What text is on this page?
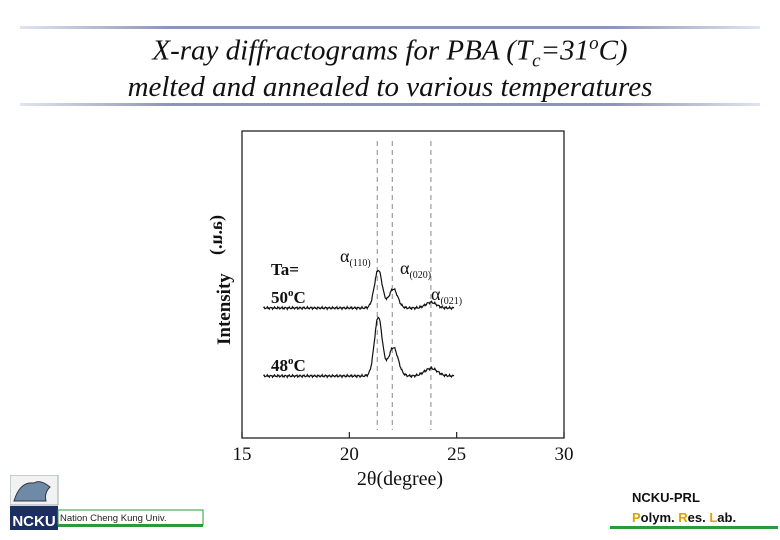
X-ray diffractograms for PBA $(T_c=31^oC)$
melted and annealed to various temperatures
15	20	25	30
Intensity
(a.u.)
2θ(degree)
Ta=
$50^oC$
48$^o$C
$\alpha_{(110)}$ $\alpha_{(020)}$
$\alpha_{(021)}$
NCKU Nation Cheng Kung Univ.
NCKU-PRL
Polym. Res. Lab.
